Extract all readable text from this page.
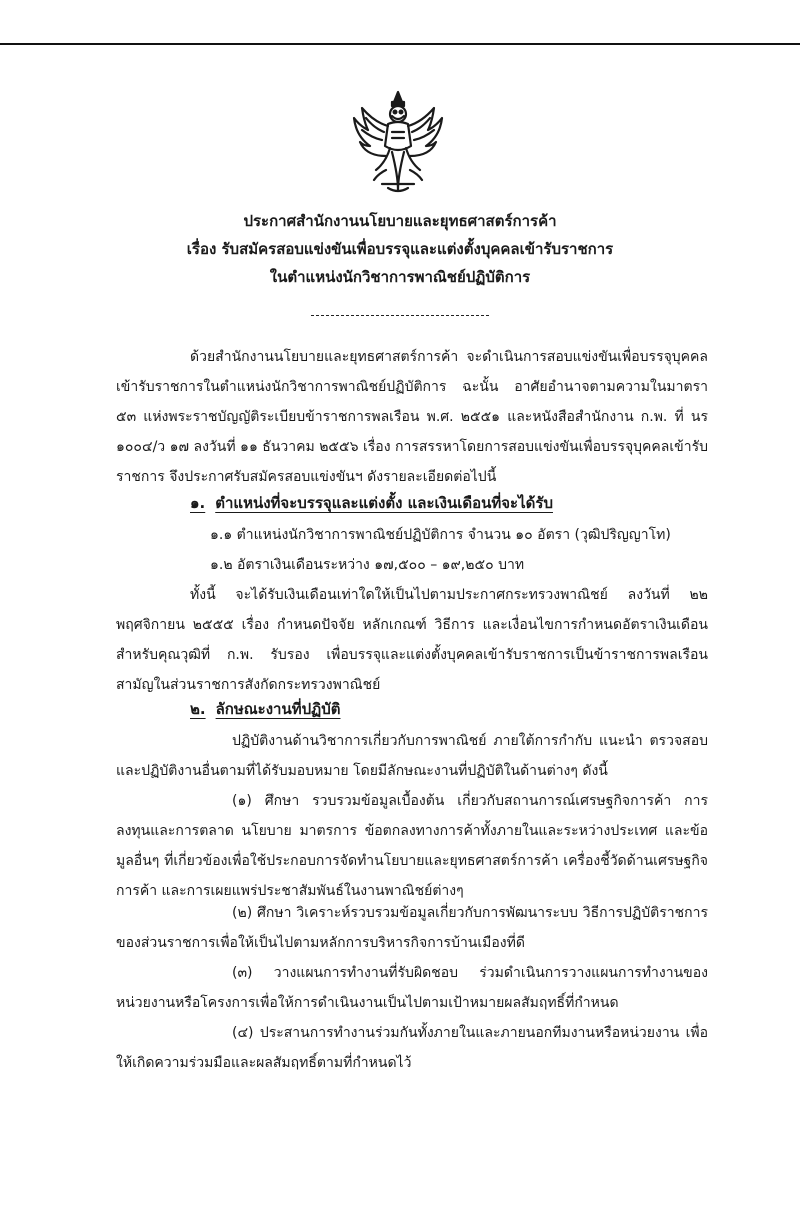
ประกาศสำนักงานนโยบายและยุทธศาสตร์การค้า
เรื่อง รับสมัครสอบแข่งขันเพื่อบรรจุและแต่งตั้งบุคคลเข้ารับราชการ
ในตำแหน่งนักวิชาการพาณิชย์ปฏิบัติการ
ด้วยสำนักงานนโยบายและยุทธศาสตร์การค้า จะดำเนินการสอบแข่งขันเพื่อบรรจุบุคคลเข้ารับราชการในตำแหน่งนักวิชาการพาณิชย์ปฏิบัติการ ฉะนั้น อาศัยอำนาจตามความในมาตรา ๕๓ แห่งพระราชบัญญัติระเบียบข้าราชการพลเรือน พ.ศ. ๒๕๕๑ และหนังสือสำนักงาน ก.พ. ที่ นร ๑๐๐๔/ว ๑๗ ลงวันที่ ๑๑ ธันวาคม ๒๕๕๖ เรื่อง การสรรหาโดยการสอบแข่งขันเพื่อบรรจุบุคคลเข้ารับราชการ จึงประกาศรับสมัครสอบแข่งขันฯ ดังรายละเอียดต่อไปนี้
๑. ตำแหน่งที่จะบรรจุและแต่งตั้ง และเงินเดือนที่จะได้รับ
๑.๑ ตำแหน่งนักวิชาการพาณิชย์ปฏิบัติการ จำนวน ๑๐ อัตรา (วุฒิปริญญาโท)
๑.๒ อัตราเงินเดือนระหว่าง ๑๗,๕๐๐ – ๑๙,๒๕๐ บาท
ทั้งนี้ จะได้รับเงินเดือนเท่าใดให้เป็นไปตามประกาศกระทรวงพาณิชย์ ลงวันที่ ๒๒ พฤศจิกายน ๒๕๕๕ เรื่อง กำหนดปัจจัย หลักเกณฑ์ วิธีการ และเงื่อนไขการกำหนดอัตราเงินเดือนสำหรับคุณวุฒิที่ ก.พ. รับรอง เพื่อบรรจุและแต่งตั้งบุคคลเข้ารับราชการเป็นข้าราชการพลเรือนสามัญในส่วนราชการสังกัดกระทรวงพาณิชย์
๒. ลักษณะงานที่ปฏิบัติ
ปฏิบัติงานด้านวิชาการเกี่ยวกับการพาณิชย์ ภายใต้การกำกับ แนะนำ ตรวจสอบ และปฏิบัติงานอื่นตามที่ได้รับมอบหมาย โดยมีลักษณะงานที่ปฏิบัติในด้านต่างๆ ดังนี้
(๑) ศึกษา รวบรวมข้อมูลเบื้องต้น เกี่ยวกับสถานการณ์เศรษฐกิจการค้า การลงทุนและการตลาด นโยบาย มาตรการ ข้อตกลงทางการค้าทั้งภายในและระหว่างประเทศ และข้อมูลอื่นๆ ที่เกี่ยวข้องเพื่อใช้ประกอบการจัดทำนโยบายและยุทธศาสตร์การค้า เครื่องชี้วัดด้านเศรษฐกิจการค้า และการเผยแพร่ประชาสัมพันธ์ในงานพาณิชย์ต่างๆ
(๒) ศึกษา วิเคราะห์รวบรวมข้อมูลเกี่ยวกับการพัฒนาระบบ วิธีการปฏิบัติราชการของส่วนราชการเพื่อให้เป็นไปตามหลักการบริหารกิจการบ้านเมืองที่ดี
(๓) วางแผนการทำงานที่รับผิดชอบ ร่วมดำเนินการวางแผนการทำงานของหน่วยงานหรือโครงการเพื่อให้การดำเนินงานเป็นไปตามเป้าหมายผลสัมฤทธิ์ที่กำหนด
(๔) ประสานการทำงานร่วมกันทั้งภายในและภายนอกทีมงานหรือหน่วยงาน เพื่อให้เกิดความร่วมมือและผลสัมฤทธิ์ตามที่กำหนดไว้
